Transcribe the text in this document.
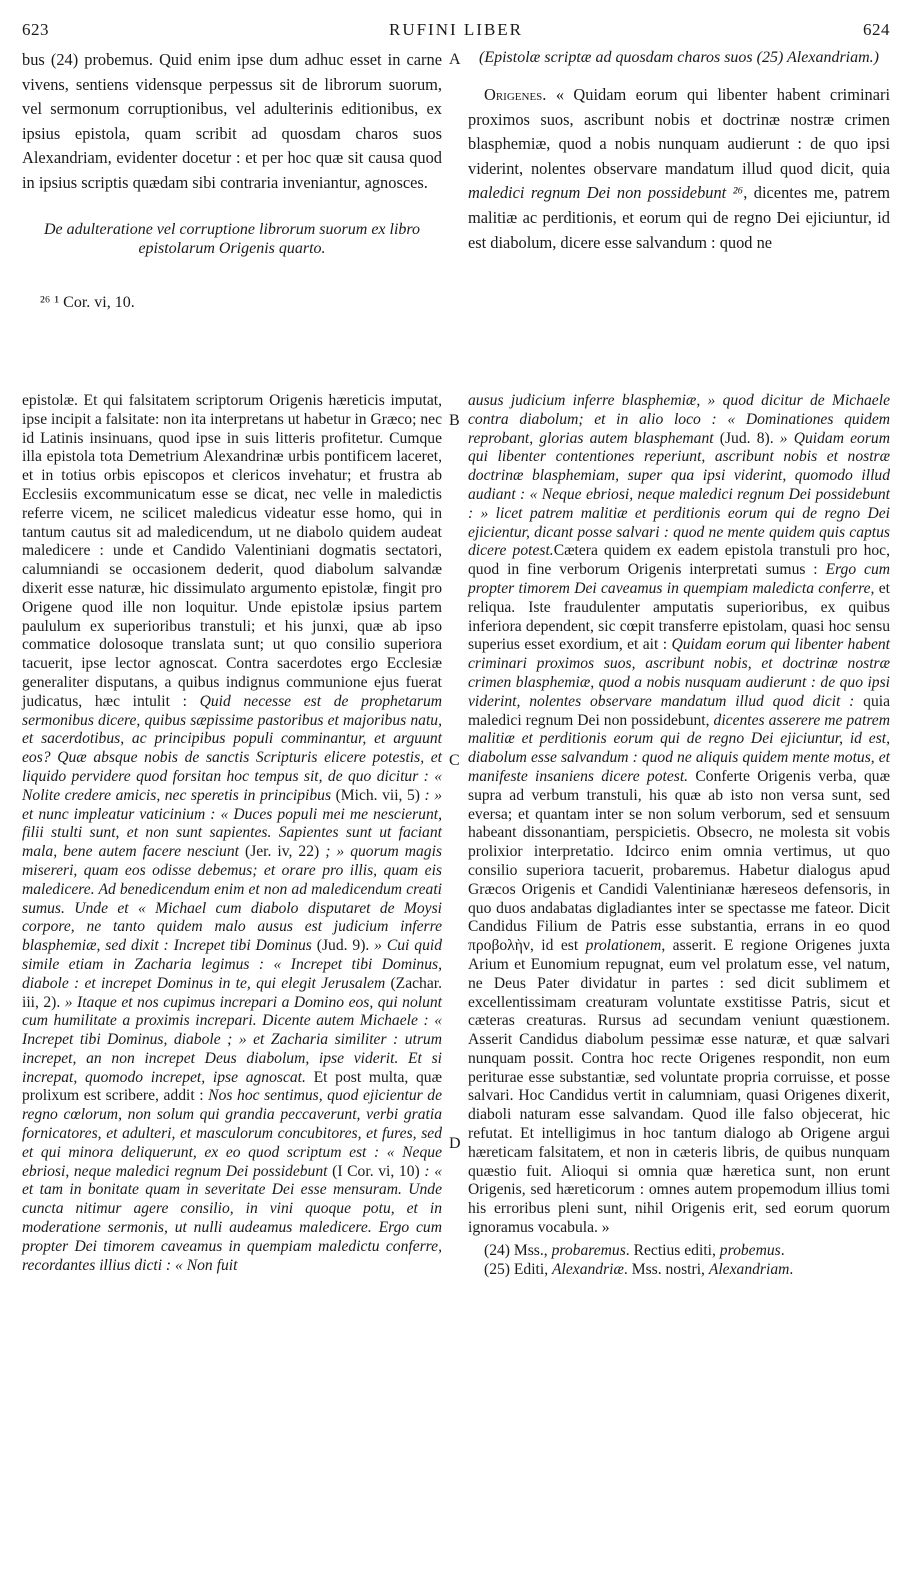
623	RUFINI LIBER	624

bus (24) probemus. Quid enim ipse dum adhuc esset in carne vivens, sentiens vidensque perpessus sit de librorum suorum, vel sermonum corruptionibus, vel adulterinis editionibus, ex ipsius epistola, quam scribit ad quosdam charos suos Alexandriam, evidenter docetur : et per hoc quæ sit causa quod in ipsius scriptis quædam sibi contraria inveniantur, agnosces.

De adulteratione vel corruptione librorum suorum ex libro epistolarum Origenis quarto.

²⁶ ¹ Cor. vi, 10.

A
B
C
D

(Epistolæ scriptæ ad quosdam charos suos (25) Alexandriam.)

Origenes. « Quidam eorum qui libenter habent criminari proximos suos, ascribunt nobis et doctrinæ nostræ crimen blasphemiæ, quod a nobis nunquam audierunt : de quo ipsi viderint, nolentes observare mandatum illud quod dicit, quia maledici regnum Dei non possidebunt ²⁶, dicentes me, patrem malitiæ ac perditionis, et eorum qui de regno Dei ejiciuntur, id est diabolum, dicere esse salvandum : quod ne

epistolæ. Et qui falsitatem scriptorum Origenis hæreticis imputat, ipse incipit a falsitate: non ita interpretans ut habetur in Græco; nec id Latinis insinuans, quod ipse in suis litteris profitetur. Cumque illa epistola tota Demetrium Alexandrinæ urbis pontificem laceret, et in totius orbis episcopos et clericos invehatur; et frustra ab Ecclesiis excommunicatum esse se dicat, nec velle in maledictis referre vicem, ne scilicet maledicus videatur esse homo, qui in tantum cautus sit ad maledicendum, ut ne diabolo quidem audeat maledicere : unde et Candido Valentiniani dogmatis sectatori, calumniandi se occasionem dederit, quod diabolum salvandæ dixerit esse naturæ, hic dissimulato argumento epistolæ, fingit pro Origene quod ille non loquitur. Unde epistolæ ipsius partem paululum ex superioribus transtuli; et his junxi, quæ ab ipso commatice dolosoque translata sunt; ut quo consilio superiora tacuerit, ipse lector agnoscat. Contra sacerdotes ergo Ecclesiæ generaliter disputans, a quibus indignus communione ejus fuerat judicatus, hæc intulit : Quid necesse est de prophetarum sermonibus dicere, quibus sæpissime pastoribus et majoribus natu, et sacerdotibus, ac principibus populi comminantur, et arguunt eos? Quæ absque nobis de sanctis Scripturis elicere potestis, et liquido pervidere quod forsitan hoc tempus sit, de quo dicitur : « Nolite credere amicis, nec speretis in principibus (Mich. vii, 5) : » et nunc impleatur vaticinium : « Duces populi mei me nescierunt, filii stulti sunt, et non sunt sapientes. Sapientes sunt ut faciant mala, bene autem facere nesciunt (Jer. iv, 22) ; » quorum magis misereri, quam eos odisse debemus; et orare pro illis, quam eis maledicere. Ad benedicendum enim et non ad maledicendum creati sumus. Unde et « Michael cum diabolo disputaret de Moysi corpore, ne tanto quidem malo ausus est judicium inferre blasphemiæ, sed dixit : Increpet tibi Dominus (Jud. 9). » Cui quid simile etiam in Zacharia legimus : « Increpet tibi Dominus, diabole : et increpet Dominus in te, qui elegit Jerusalem (Zachar. iii, 2). » Itaque et nos cupimus increpari a Domino eos, qui nolunt cum humilitate a proximis increpari. Dicente autem Michaele : « Increpet tibi Dominus, diabole ; » et Zacharia similiter : utrum increpet, an non increpet Deus diabolum, ipse viderit. Et si increpat, quomodo increpet, ipse agnoscat. Et post multa, quæ prolixum est scribere, addit : Nos hoc sentimus, quod ejicientur de regno cœlorum, non solum qui grandia peccaverunt, verbi gratia fornicatores, et adulteri, et masculorum concubitores, et fures, sed et qui minora deliquerunt, ex eo quod scriptum est : « Neque ebriosi, neque maledici regnum Dei possidebunt (I Cor. vi, 10) : « et tam in bonitate quam in severitate Dei esse mensuram. Unde cuncta nitimur agere consilio, in vini quoque potu, et in moderatione sermonis, ut nulli audeamus maledicere. Ergo cum propter Dei timorem caveamus in quempiam maledictu conferre, recordantes illius dicti : « Non fuit

ausus judicium inferre blasphemiæ, » quod dicitur de Michaele contra diabolum; et in alio loco : « Dominationes quidem reprobant, glorias autem blasphemant (Jud. 8). » Quidam eorum qui libenter contentiones reperiunt, ascribunt nobis et nostræ doctrinæ blasphemiam, super qua ipsi viderint, quomodo illud audiant : « Neque ebriosi, neque maledici regnum Dei possidebunt : » licet patrem malitiæ et perditionis eorum qui de regno Dei ejicientur, dicant posse salvari : quod ne mente quidem quis captus dicere potest.Cætera quidem ex eadem epistola transtuli pro hoc, quod in fine verborum Origenis interpretati sumus : Ergo cum propter timorem Dei caveamus in quempiam maledicta conferre, et reliqua. Iste fraudulenter amputatis superioribus, ex quibus inferiora dependent, sic cœpit transferre epistolam, quasi hoc sensu superius esset exordium, et ait : Quidam eorum qui libenter habent criminari proximos suos, ascribunt nobis, et doctrinæ nostræ crimen blasphemiæ, quod a nobis nusquam audierunt : de quo ipsi viderint, nolentes observare mandatum illud quod dicit : quia maledici regnum Dei non possidebunt, dicentes asserere me patrem malitiæ et perditionis eorum qui de regno Dei ejiciuntur, id est, diabolum esse salvandum : quod ne aliquis quidem mente motus, et manifeste insaniens dicere potest. Conferte Origenis verba, quæ supra ad verbum transtuli, his quæ ab isto non versa sunt, sed eversa; et quantam inter se non solum verborum, sed et sensuum habeant dissonantiam, perspicietis. Obsecro, ne molesta sit vobis prolixior interpretatio. Idcirco enim omnia vertimus, ut quo consilio superiora tacuerit, probaremus. Habetur dialogus apud Græcos Origenis et Candidi Valentinianæ hæreseos defensoris, in quo duos andabatas digladiantes inter se spectasse me fateor. Dicit Candidus Filium de Patris esse substantia, errans in eo quod προβολὴν, id est prolationem, asserit. E regione Origenes juxta Arium et Eunomium repugnat, eum vel prolatum esse, vel natum, ne Deus Pater dividatur in partes : sed dicit sublimem et excellentissimam creaturam voluntate exstitisse Patris, sicut et cæteras creaturas. Rursus ad secundam veniunt quæstionem. Asserit Candidus diabolum pessimæ esse naturæ, et quæ salvari nunquam possit. Contra hoc recte Origenes respondit, non eum periturae esse substantiæ, sed voluntate propria corruisse, et posse salvari. Hoc Candidus vertit in calumniam, quasi Origenes dixerit, diaboli naturam esse salvandam. Quod ille falso objecerat, hic refutat. Et intelligimus in hoc tantum dialogo ab Origene argui hæreticam falsitatem, et non in cæteris libris, de quibus nunquam quæstio fuit. Alioqui si omnia quæ hæretica sunt, non erunt Origenis, sed hæreticorum : omnes autem propemodum illius tomi his erroribus pleni sunt, nihil Origenis erit, sed eorum quorum ignoramus vocabula. »

(24) Mss., probaremus. Rectius editi, probemus.

(25) Editi, Alexandriæ. Mss. nostri, Alexandriam.
